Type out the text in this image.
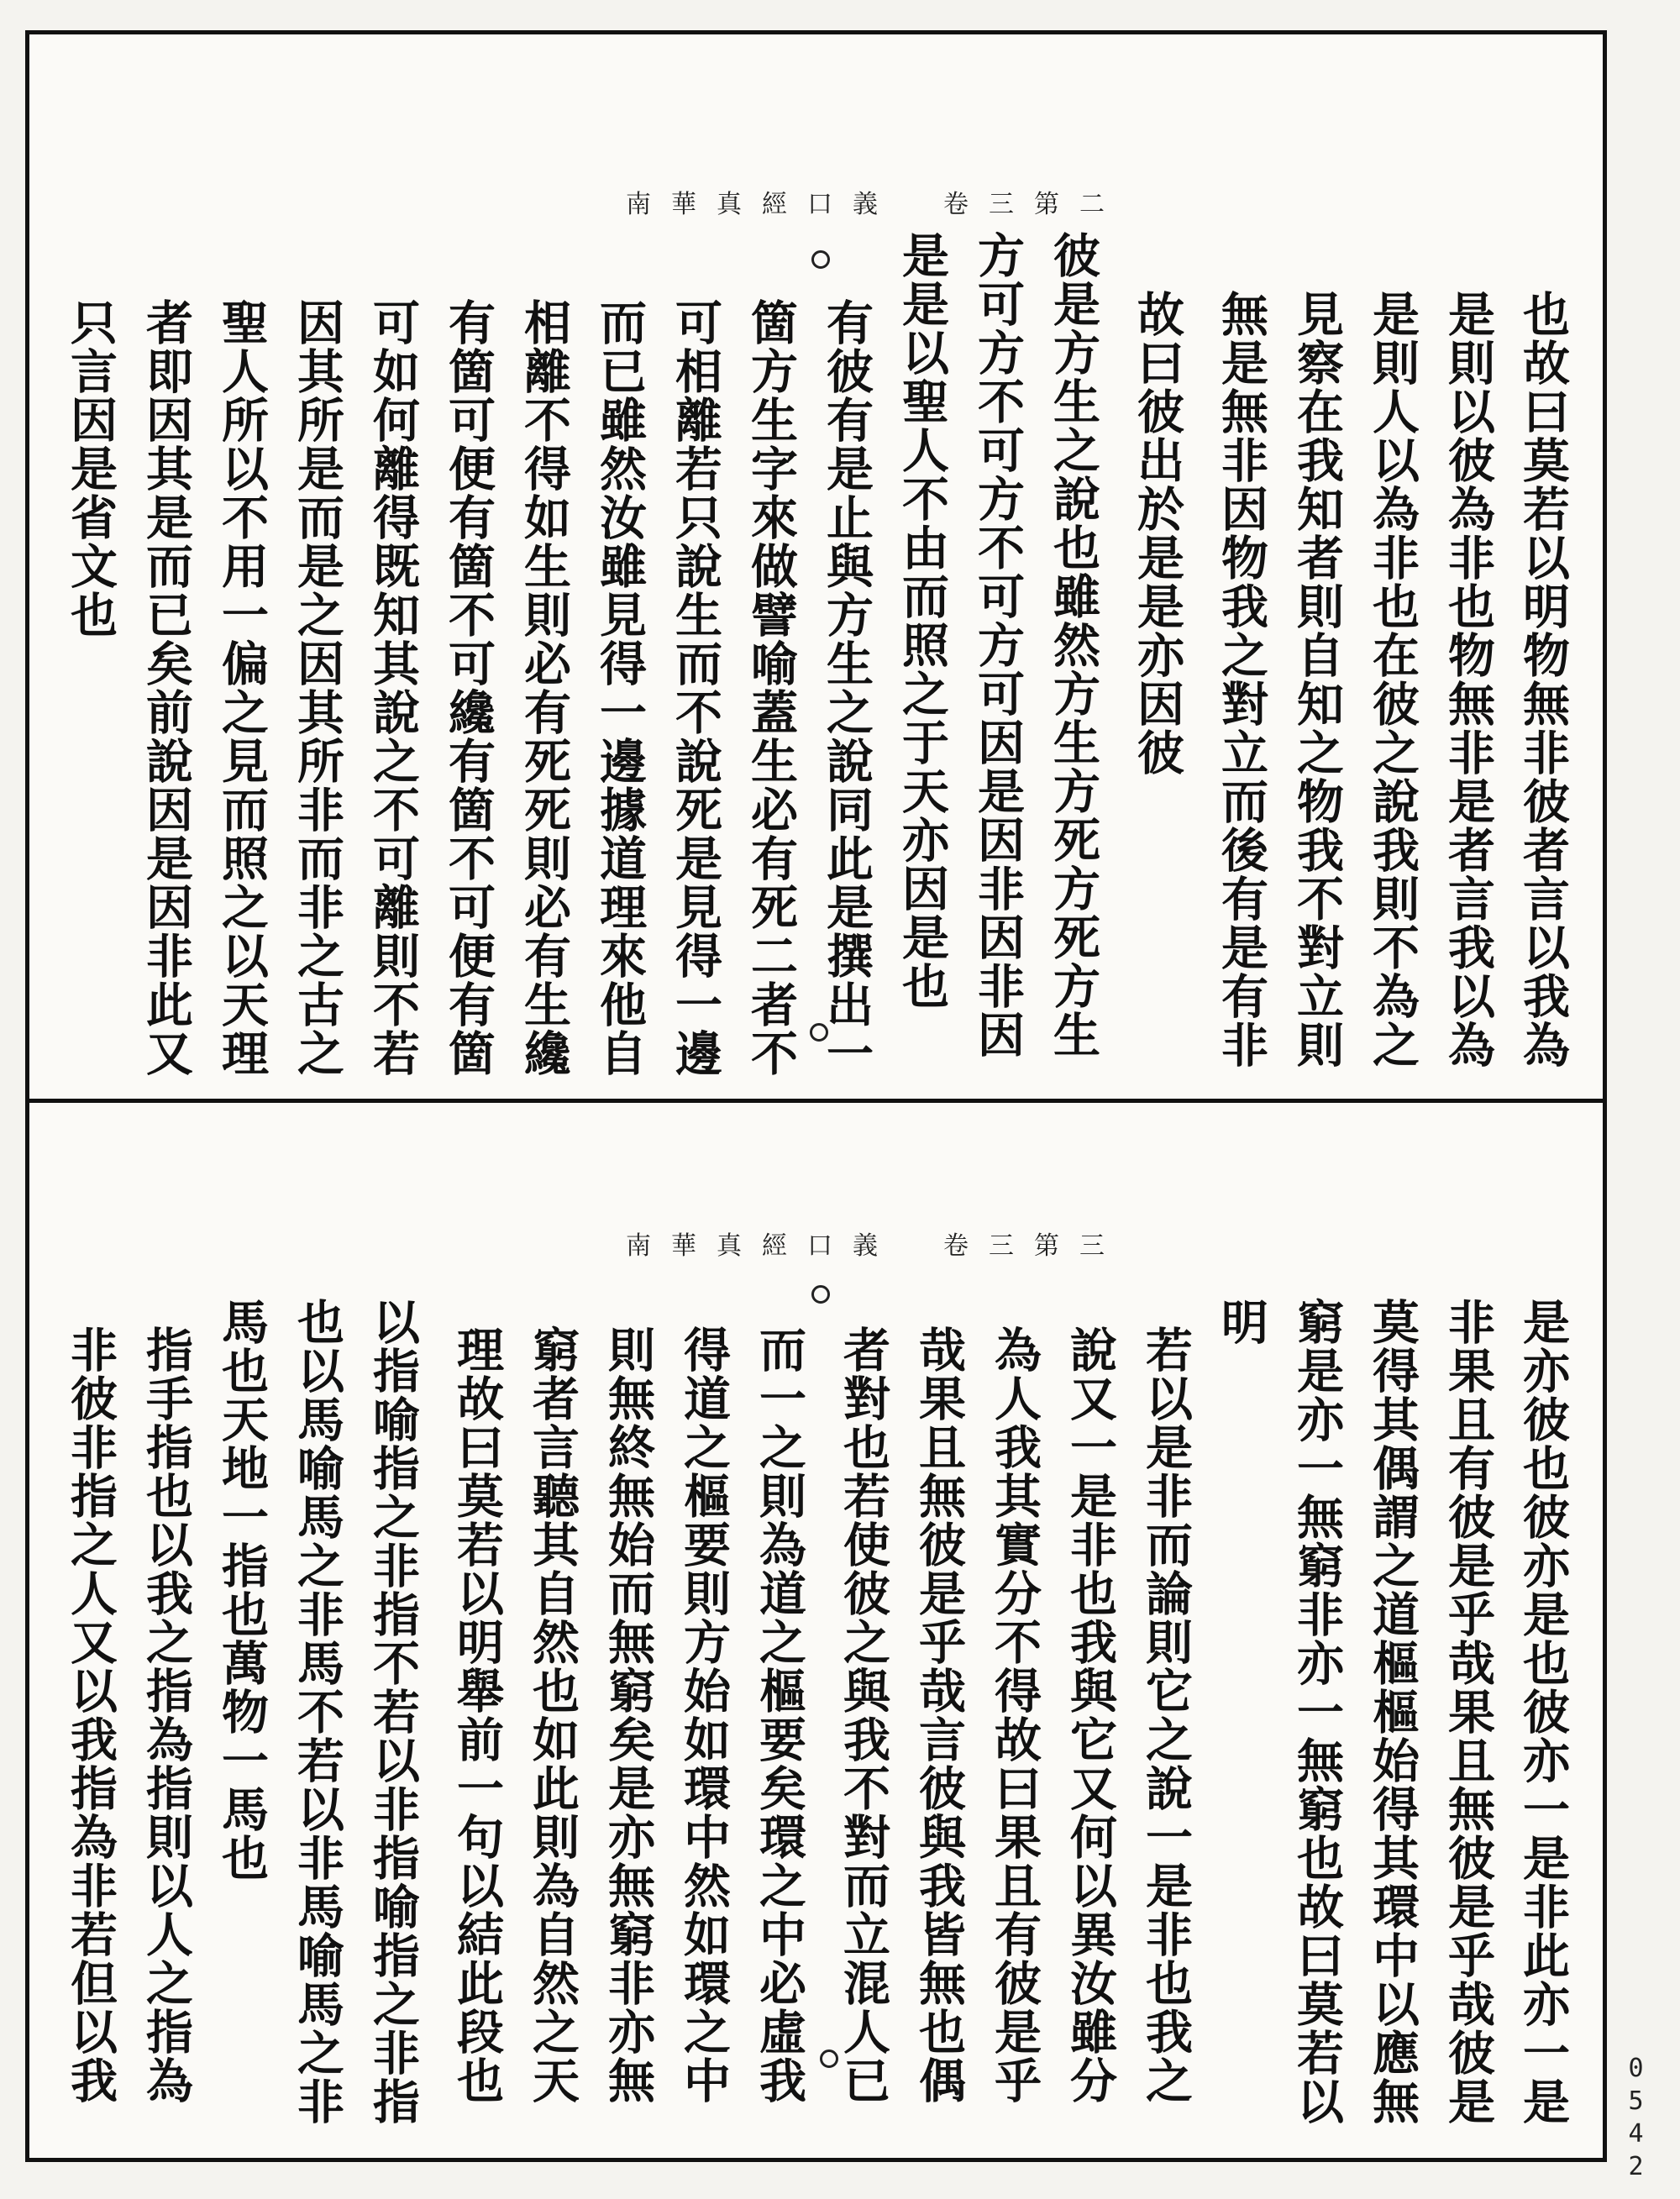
南華真經口義　卷三第二
也故曰莫若以明物無非彼者言以我為
是則以彼為非也物無非是者言我以為
是則人以為非也在彼之說我則不為之
見察在我知者則自知之物我不對立則
無是無非因物我之對立而後有是有非
故曰彼出於是是亦因彼
彼是方生之說也雖然方生方死方死方生
方可方不可方不可方可因是因非因非因
是是以聖人不由而照之于天亦因是也
有彼有是止與方生之說同此是撰出一
箇方生字來做譬喻蓋生必有死二者不
可相離若只說生而不說死是見得一邊
而已雖然汝雖見得一邊據道理來他自
相離不得如生則必有死死則必有生纔
有箇可便有箇不可纔有箇不可便有箇
可如何離得既知其說之不可離則不若
因其所是而是之因其所非而非之古之
聖人所以不用一偏之見而照之以天理
者即因其是而已矣前說因是因非此又
只言因是省文也
南華真經口義　卷三第三
是亦彼也彼亦是也彼亦一是非此亦一是
非果且有彼是乎哉果且無彼是乎哉彼是
莫得其偶謂之道樞樞始得其環中以應無
窮是亦一無窮非亦一無窮也故曰莫若以
明
若以是非而論則它之說一是非也我之
說又一是非也我與它又何以異汝雖分
為人我其實分不得故曰果且有彼是乎
哉果且無彼是乎哉言彼與我皆無也偶
者對也若使彼之與我不對而立混人已
而一之則為道之樞要矣環之中必虛我
得道之樞要則方始如環中然如環之中
則無終無始而無窮矣是亦無窮非亦無
窮者言聽其自然也如此則為自然之天
理故曰莫若以明舉前一句以結此段也
以指喻指之非指不若以非指喻指之非指
也以馬喻馬之非馬不若以非馬喻馬之非
馬也天地一指也萬物一馬也
指手指也以我之指為指則以人之指為
非彼非指之人又以我指為非若但以我
0542
